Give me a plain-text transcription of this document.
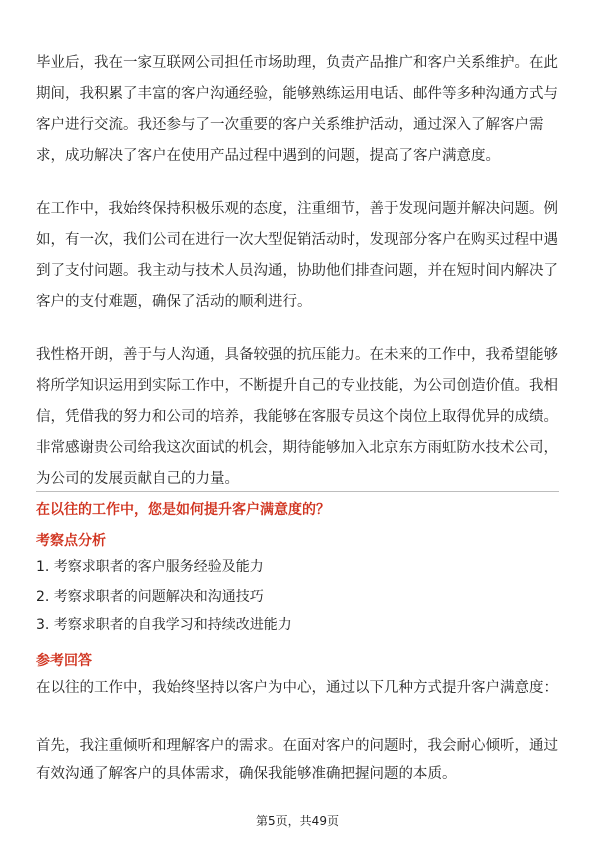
毕业后，我在一家互联网公司担任市场助理，负责产品推广和客户关系维护。在此期间，我积累了丰富的客户沟通经验，能够熟练运用电话、邮件等多种沟通方式与客户进行交流。我还参与了一次重要的客户关系维护活动，通过深入了解客户需求，成功解决了客户在使用产品过程中遇到的问题，提高了客户满意度。

在工作中，我始终保持积极乐观的态度，注重细节，善于发现问题并解决问题。例如，有一次，我们公司在进行一次大型促销活动时，发现部分客户在购买过程中遇到了支付问题。我主动与技术人员沟通，协助他们排查问题，并在短时间内解决了客户的支付难题，确保了活动的顺利进行。

我性格开朗，善于与人沟通，具备较强的抗压能力。在未来的工作中，我希望能够将所学知识运用到实际工作中，不断提升自己的专业技能，为公司创造价值。我相信，凭借我的努力和公司的培养，我能够在客服专员这个岗位上取得优异的成绩。非常感谢贵公司给我这次面试的机会，期待能够加入北京东方雨虹防水技术公司，为公司的发展贡献自己的力量。

在以往的工作中，您是如何提升客户满意度的？

考察点分析

1. 考察求职者的客户服务经验及能力

2. 考察求职者的问题解决和沟通技巧

3. 考察求职者的自我学习和持续改进能力

参考回答

在以往的工作中，我始终坚持以客户为中心，通过以下几种方式提升客户满意度：

首先，我注重倾听和理解客户的需求。在面对客户的问题时，我会耐心倾听，通过有效沟通了解客户的具体需求，确保我能够准确把握问题的本质。

第5页，共49页
